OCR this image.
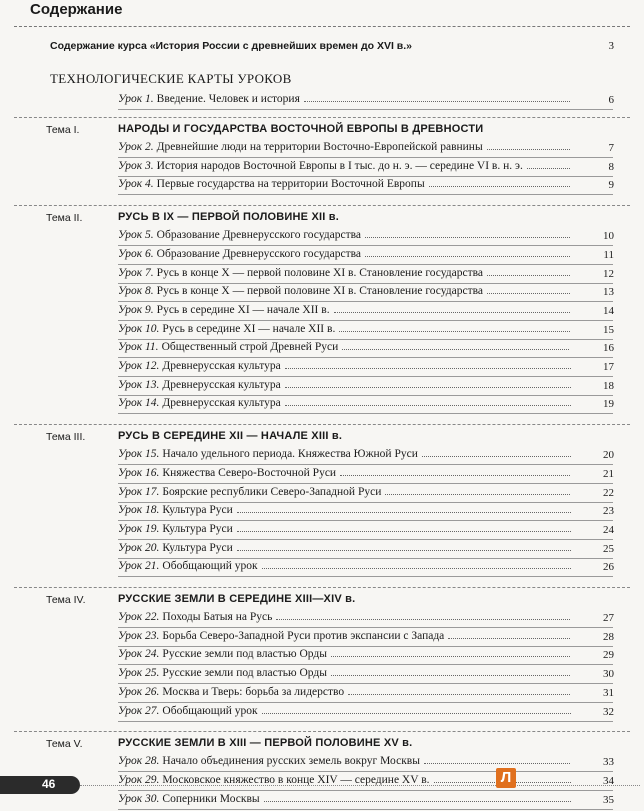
Содержание
Содержание курса «История России с древнейших времен до XVI в.»	3
ТЕХНОЛОГИЧЕСКИЕ КАРТЫ УРОКОВ
Урок 1. Введение. Человек и история	6
Тема I.	НАРОДЫ И ГОСУДАРСТВА ВОСТОЧНОЙ ЕВРОПЫ В ДРЕВНОСТИ
Урок 2. Древнейшие люди на территории Восточно-Европейской равнины	7
Урок 3. История народов Восточной Европы в I тыс. до н. э. — середине VI в. н. э.	8
Урок 4. Первые государства на территории Восточной Европы	9
Тема II.	РУСЬ В IX — ПЕРВОЙ ПОЛОВИНЕ XII в.
Урок 5. Образование Древнерусского государства	10
Урок 6. Образование Древнерусского государства	11
Урок 7. Русь в конце X — первой половине XI в. Становление государства	12
Урок 8. Русь в конце X — первой половине XI в. Становление государства	13
Урок 9. Русь в середине XI — начале XII в.	14
Урок 10. Русь в середине XI — начале XII в.	15
Урок 11. Общественный строй Древней Руси	16
Урок 12. Древнерусская культура	17
Урок 13. Древнерусская культура	18
Урок 14. Древнерусская культура	19
Тема III.	РУСЬ В СЕРЕДИНЕ XII — НАЧАЛЕ XIII в.
Урок 15. Начало удельного периода. Княжества Южной Руси	20
Урок 16. Княжества Северо-Восточной Руси	21
Урок 17. Боярские республики Северо-Западной Руси	22
Урок 18. Культура Руси	23
Урок 19. Культура Руси	24
Урок 20. Культура Руси	25
Урок 21. Обобщающий урок	26
Тема IV.	РУССКИЕ ЗЕМЛИ В СЕРЕДИНЕ XIII—XIV в.
Урок 22. Походы Батыя на Русь	27
Урок 23. Борьба Северо-Западной Руси против экспансии с Запада	28
Урок 24. Русские земли под властью Орды	29
Урок 25. Русские земли под властью Орды	30
Урок 26. Москва и Тверь: борьба за лидерство	31
Урок 27. Обобщающий урок	32
Тема V.	РУССКИЕ ЗЕМЛИ В XIII — ПЕРВОЙ ПОЛОВИНЕ XV в.
Урок 28. Начало объединения русских земель вокруг Москвы	33
Урок 29. Московское княжество в конце XIV — середине XV в.	34
Урок 30. Соперники Москвы	35
46	Л
